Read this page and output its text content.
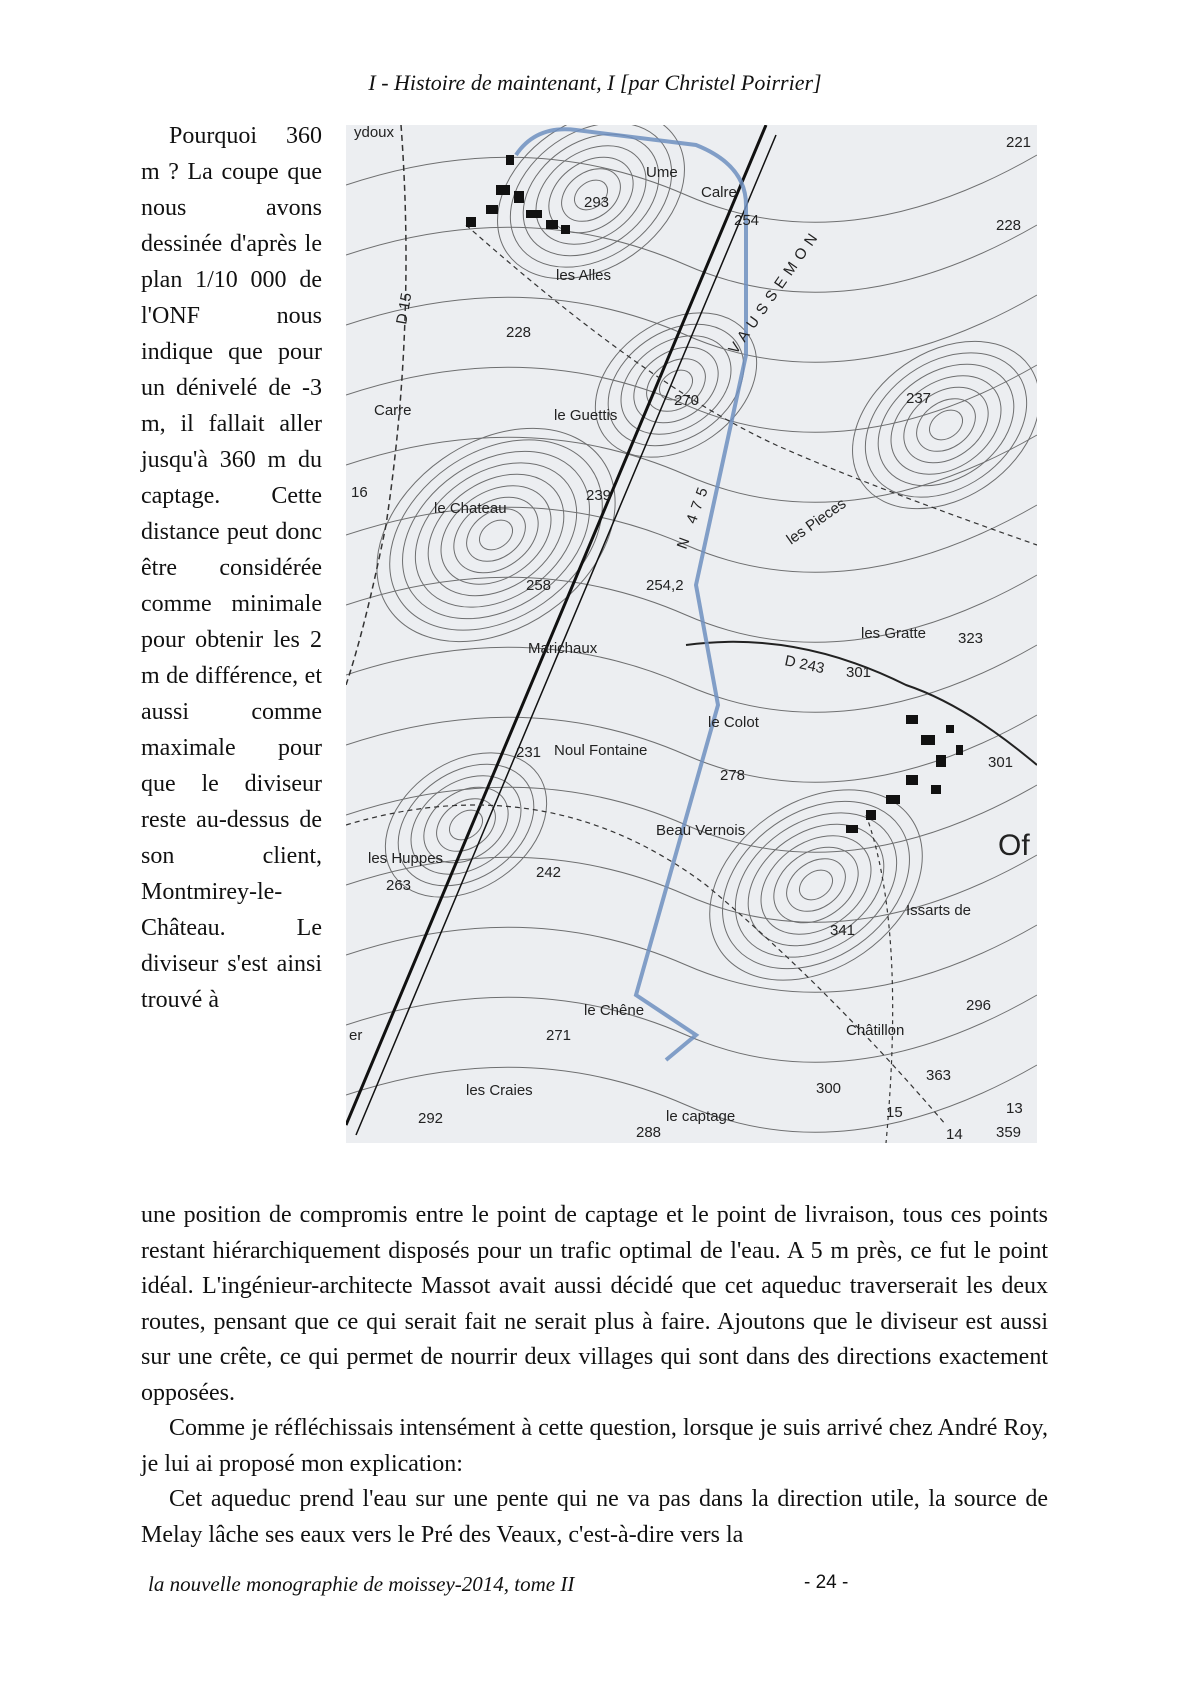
I - Histoire de maintenant, I [par Christel Poirrier]

Pourquoi 360 m ? La coupe que nous avons dessinée d'après le plan 1/10 000 de l'ONF nous indique que pour un dénivelé de -3 m, il fallait aller jusqu'à 360 m du captage. Cette distance peut donc être considérée comme minimale pour obtenir les 2 m de différence, et aussi comme maximale pour que le diviseur reste au-dessus de son client, Montmirey-le-Château. Le diviseur s'est ainsi trouvé à

ydoux
Ume
Calre
293
254	228
221
D 15
les Alles	VAUSSEMON
228
Carre	le Guettis
270	237
16
le Chateau
239	N 475	les Pieces
258	254,2
Marichaux
les Gratte 323
D 243 301
le Colot
231 Noul Fontaine
278
301
Beau Vernois
les Huppes
263
242
Of
Issarts de
341
le Chêne
271	Châtillon
296
er
les Craies
363
300
13
292	15
le captage
288	14 359

une position de compromis entre le point de captage et le point de livraison, tous ces points restant hiérarchiquement disposés pour un trafic optimal de l'eau. A 5 m près, ce fut le point idéal. L'ingénieur-architecte Massot avait aussi décidé que cet aqueduc traverserait les deux routes, pensant que ce qui serait fait ne serait plus à faire. Ajoutons que le diviseur est aussi sur une crête, ce qui permet de nourrir deux villages qui sont dans des directions exactement opposées.

Comme je réfléchissais intensément à cette question, lorsque je suis arrivé chez André Roy, je lui ai proposé mon explication:

Cet aqueduc prend l'eau sur une pente qui ne va pas dans la direction utile, la source de Melay lâche ses eaux vers le Pré des Veaux, c'est-à-dire vers la

la nouvelle monographie de moissey-2014, tome II	- 24 -
